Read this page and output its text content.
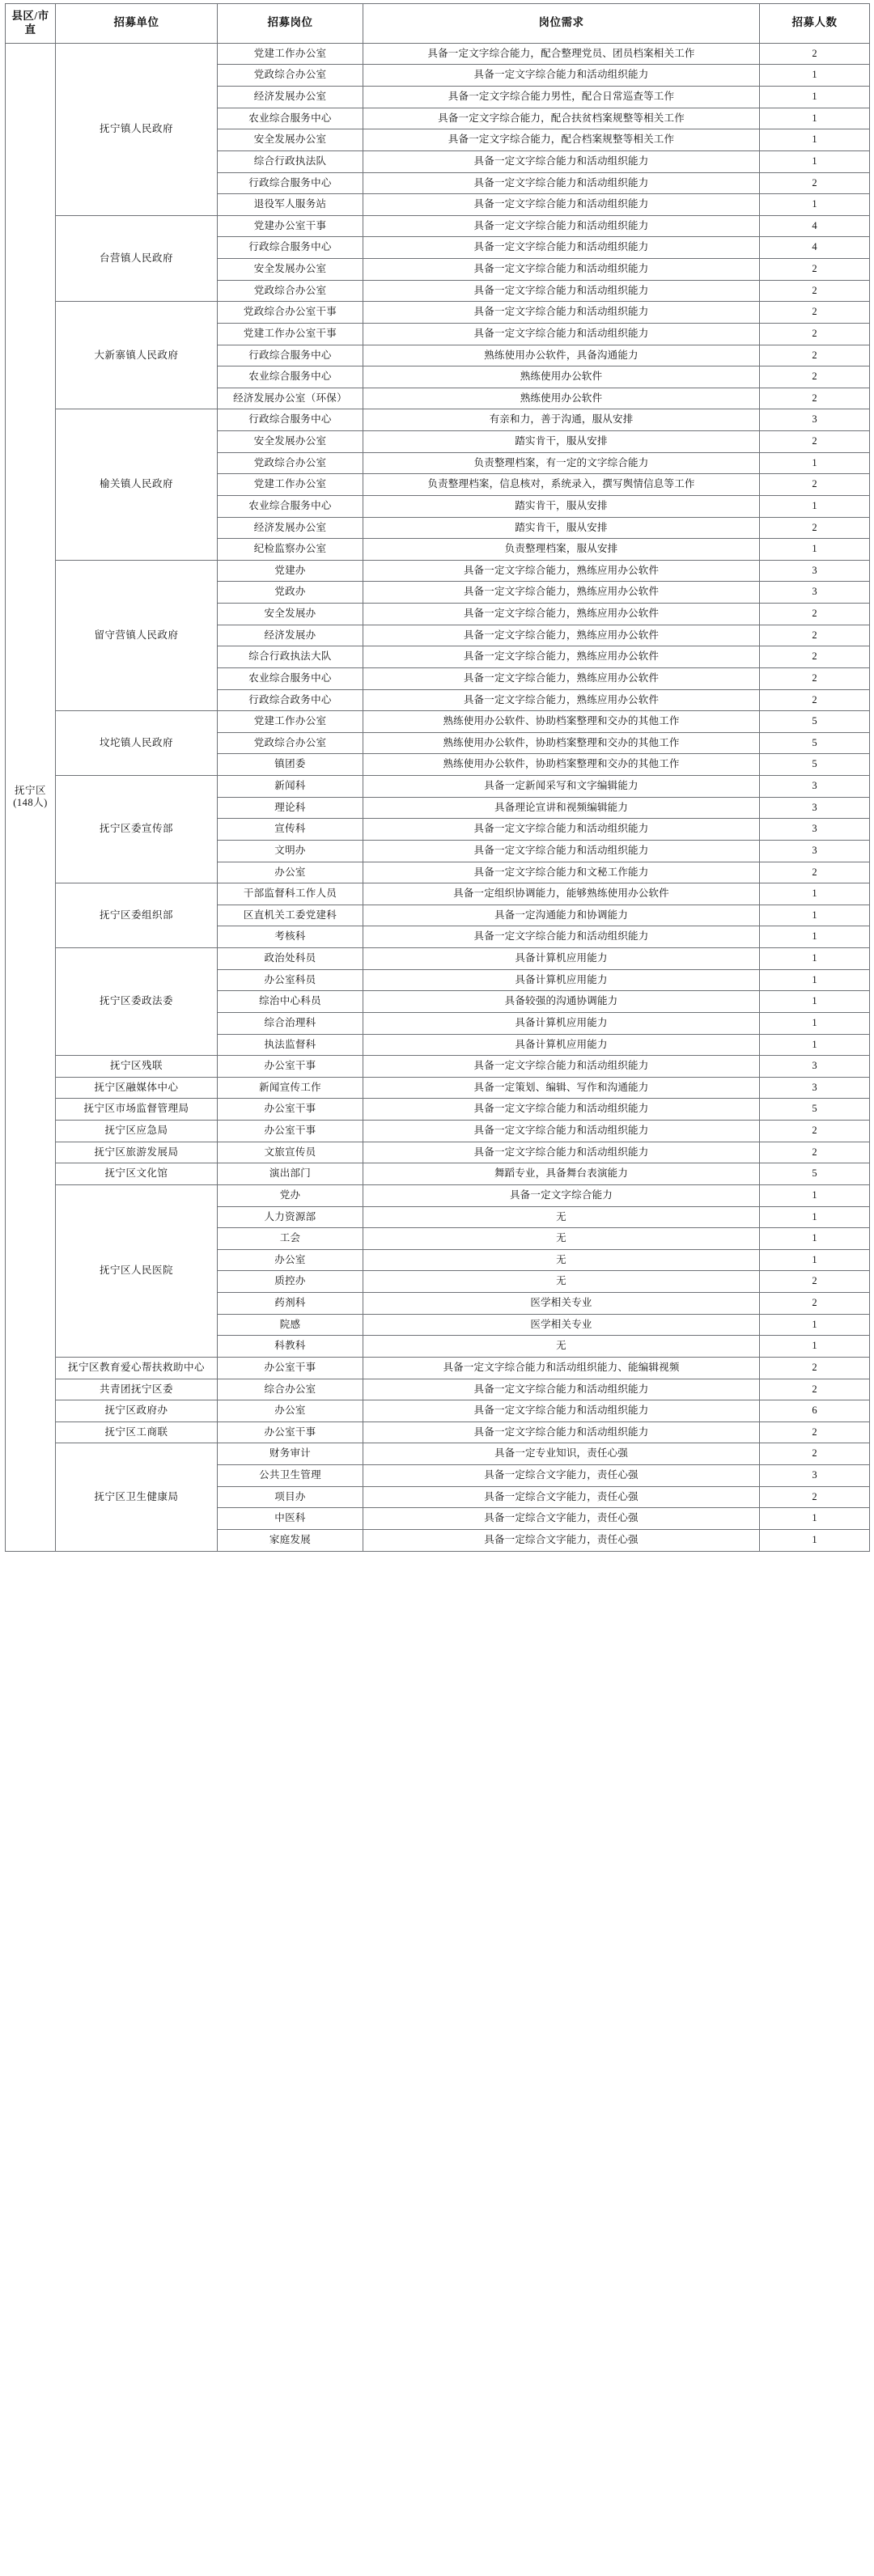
县区/市直	招募单位	招募岗位	岗位需求	招募人数

抚宁区
(148人)	抚宁镇人民政府	党建工作办公室	具备一定文字综合能力，配合整理党员、团员档案相关工作	2
		党政综合办公室	具备一定文字综合能力和活动组织能力	1
		经济发展办公室	具备一定文字综合能力男性，配合日常巡查等工作	1
		农业综合服务中心	具备一定文字综合能力，配合扶贫档案规整等相关工作	1
		安全发展办公室	具备一定文字综合能力，配合档案规整等相关工作	1
		综合行政执法队	具备一定文字综合能力和活动组织能力	1
		行政综合服务中心	具备一定文字综合能力和活动组织能力	2
		退役军人服务站	具备一定文字综合能力和活动组织能力	1
	台营镇人民政府	党建办公室干事	具备一定文字综合能力和活动组织能力	4
		行政综合服务中心	具备一定文字综合能力和活动组织能力	4
		安全发展办公室	具备一定文字综合能力和活动组织能力	2
		党政综合办公室	具备一定文字综合能力和活动组织能力	2
	大新寨镇人民政府	党政综合办公室干事	具备一定文字综合能力和活动组织能力	2
		党建工作办公室干事	具备一定文字综合能力和活动组织能力	2
		行政综合服务中心	熟练使用办公软件，具备沟通能力	2
		农业综合服务中心	熟练使用办公软件	2
		经济发展办公室（环保）	熟练使用办公软件	2
	榆关镇人民政府	行政综合服务中心	有亲和力，善于沟通，服从安排	3
		安全发展办公室	踏实肯干，服从安排	2
		党政综合办公室	负责整理档案，有一定的文字综合能力	1
		党建工作办公室	负责整理档案，信息核对，系统录入，撰写舆情信息等工作	2
		农业综合服务中心	踏实肯干，服从安排	1
		经济发展办公室	踏实肯干，服从安排	2
		纪检监察办公室	负责整理档案，服从安排	1
	留守营镇人民政府	党建办	具备一定文字综合能力，熟练应用办公软件	3
		党政办	具备一定文字综合能力，熟练应用办公软件	3
		安全发展办	具备一定文字综合能力，熟练应用办公软件	2
		经济发展办	具备一定文字综合能力，熟练应用办公软件	2
		综合行政执法大队	具备一定文字综合能力，熟练应用办公软件	2
		农业综合服务中心	具备一定文字综合能力，熟练应用办公软件	2
		行政综合政务中心	具备一定文字综合能力，熟练应用办公软件	2
	坟坨镇人民政府	党建工作办公室	熟练使用办公软件、协助档案整理和交办的其他工作	5
		党政综合办公室	熟练使用办公软件，协助档案整理和交办的其他工作	5
		镇团委	熟练使用办公软件，协助档案整理和交办的其他工作	5
	抚宁区委宣传部	新闻科	具备一定新闻采写和文字编辑能力	3
		理论科	具备理论宣讲和视频编辑能力	3
		宣传科	具备一定文字综合能力和活动组织能力	3
		文明办	具备一定文字综合能力和活动组织能力	3
		办公室	具备一定文字综合能力和文秘工作能力	2
	抚宁区委组织部	干部监督科工作人员	具备一定组织协调能力，能够熟练使用办公软件	1
		区直机关工委党建科	具备一定沟通能力和协调能力	1
		考核科	具备一定文字综合能力和活动组织能力	1
	抚宁区委政法委	政治处科员	具备计算机应用能力	1
		办公室科员	具备计算机应用能力	1
		综治中心科员	具备较强的沟通协调能力	1
		综合治理科	具备计算机应用能力	1
		执法监督科	具备计算机应用能力	1
	抚宁区残联	办公室干事	具备一定文字综合能力和活动组织能力	3
	抚宁区融媒体中心	新闻宣传工作	具备一定策划、编辑、写作和沟通能力	3
	抚宁区市场监督管理局	办公室干事	具备一定文字综合能力和活动组织能力	5
	抚宁区应急局	办公室干事	具备一定文字综合能力和活动组织能力	2
	抚宁区旅游发展局	文旅宣传员	具备一定文字综合能力和活动组织能力	2
	抚宁区文化馆	演出部门	舞蹈专业，具备舞台表演能力	5
	抚宁区人民医院	党办	具备一定文字综合能力	1
		人力资源部	无	1
		工会	无	1
		办公室	无	1
		质控办	无	2
		药剂科	医学相关专业	2
		院感	医学相关专业	1
		科教科	无	1
	抚宁区教育爱心帮扶救助中心	办公室干事	具备一定文字综合能力和活动组织能力、能编辑视频	2
	共青团抚宁区委	综合办公室	具备一定文字综合能力和活动组织能力	2
	抚宁区政府办	办公室	具备一定文字综合能力和活动组织能力	6
	抚宁区工商联	办公室干事	具备一定文字综合能力和活动组织能力	2
	抚宁区卫生健康局	财务审计	具备一定专业知识，责任心强	2
		公共卫生管理	具备一定综合文字能力，责任心强	3
		项目办	具备一定综合文字能力，责任心强	2
		中医科	具备一定综合文字能力，责任心强	1
		家庭发展	具备一定综合文字能力，责任心强	1
